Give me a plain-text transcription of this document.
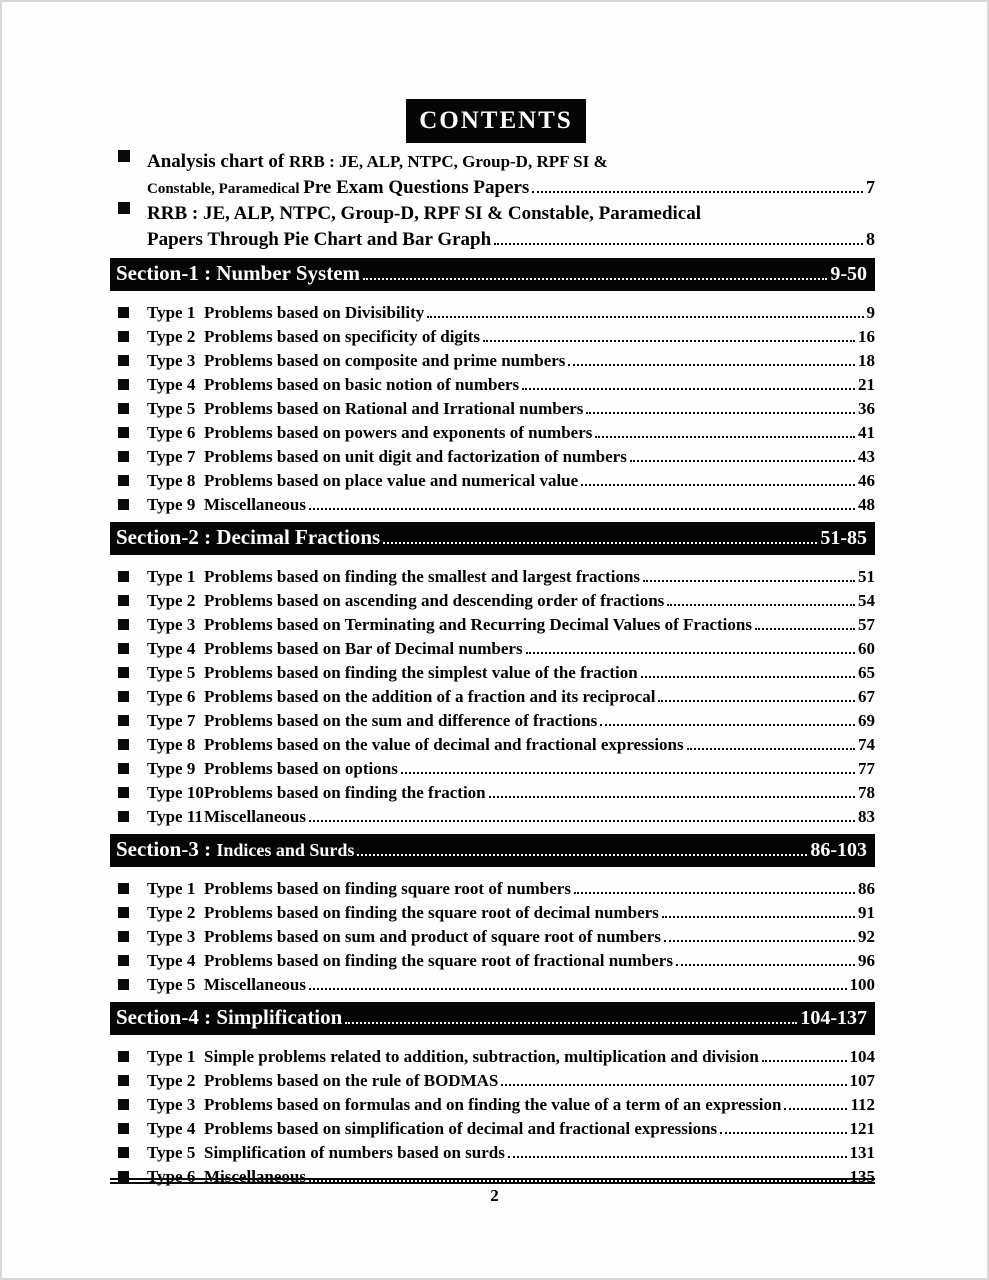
CONTENTS
Analysis chart of RRB : JE, ALP, NTPC, Group-D, RPF SI &
Constable, Paramedical Pre Exam Questions Papers	7
RRB : JE, ALP, NTPC, Group-D, RPF SI & Constable, Paramedical
Papers Through Pie Chart and Bar Graph	8
Section-1 : Number System	9-50
Type 1 Problems based on Divisibility	9
Type 2 Problems based on specificity of digits	16
Type 3 Problems based on composite and prime numbers	18
Type 4 Problems based on basic notion of numbers	21
Type 5 Problems based on Rational and Irrational numbers	36
Type 6 Problems based on powers and exponents of numbers	41
Type 7 Problems based on unit digit and factorization of numbers	43
Type 8 Problems based on place value and numerical value	46
Type 9 Miscellaneous	48
Section-2 : Decimal Fractions	51-85
Type 1 Problems based on finding the smallest and largest fractions	51
Type 2 Problems based on ascending and descending order of fractions	54
Type 3 Problems based on Terminating and Recurring Decimal Values of Fractions	57
Type 4 Problems based on Bar of Decimal numbers	60
Type 5 Problems based on finding the simplest value of the fraction	65
Type 6 Problems based on the addition of a fraction and its reciprocal	67
Type 7 Problems based on the sum and difference of fractions	69
Type 8 Problems based on the value of decimal and fractional expressions	74
Type 9 Problems based on options	77
Type 10 Problems based on finding the fraction	78
Type 11 Miscellaneous	83
Section-3 : Indices and Surds	86-103
Type 1 Problems based on finding square root of numbers	86
Type 2 Problems based on finding the square root of decimal numbers	91
Type 3 Problems based on sum and product of square root of numbers	92
Type 4 Problems based on finding the square root of fractional numbers	96
Type 5 Miscellaneous	100
Section-4 : Simplification	104-137
Type 1 Simple problems related to addition, subtraction, multiplication and division	104
Type 2 Problems based on the rule of BODMAS	107
Type 3 Problems based on formulas and on finding the value of a term of an expression	112
Type 4 Problems based on simplification of decimal and fractional expressions	121
Type 5 Simplification of numbers based on surds	131
Type 6 Miscellaneous	135
2
